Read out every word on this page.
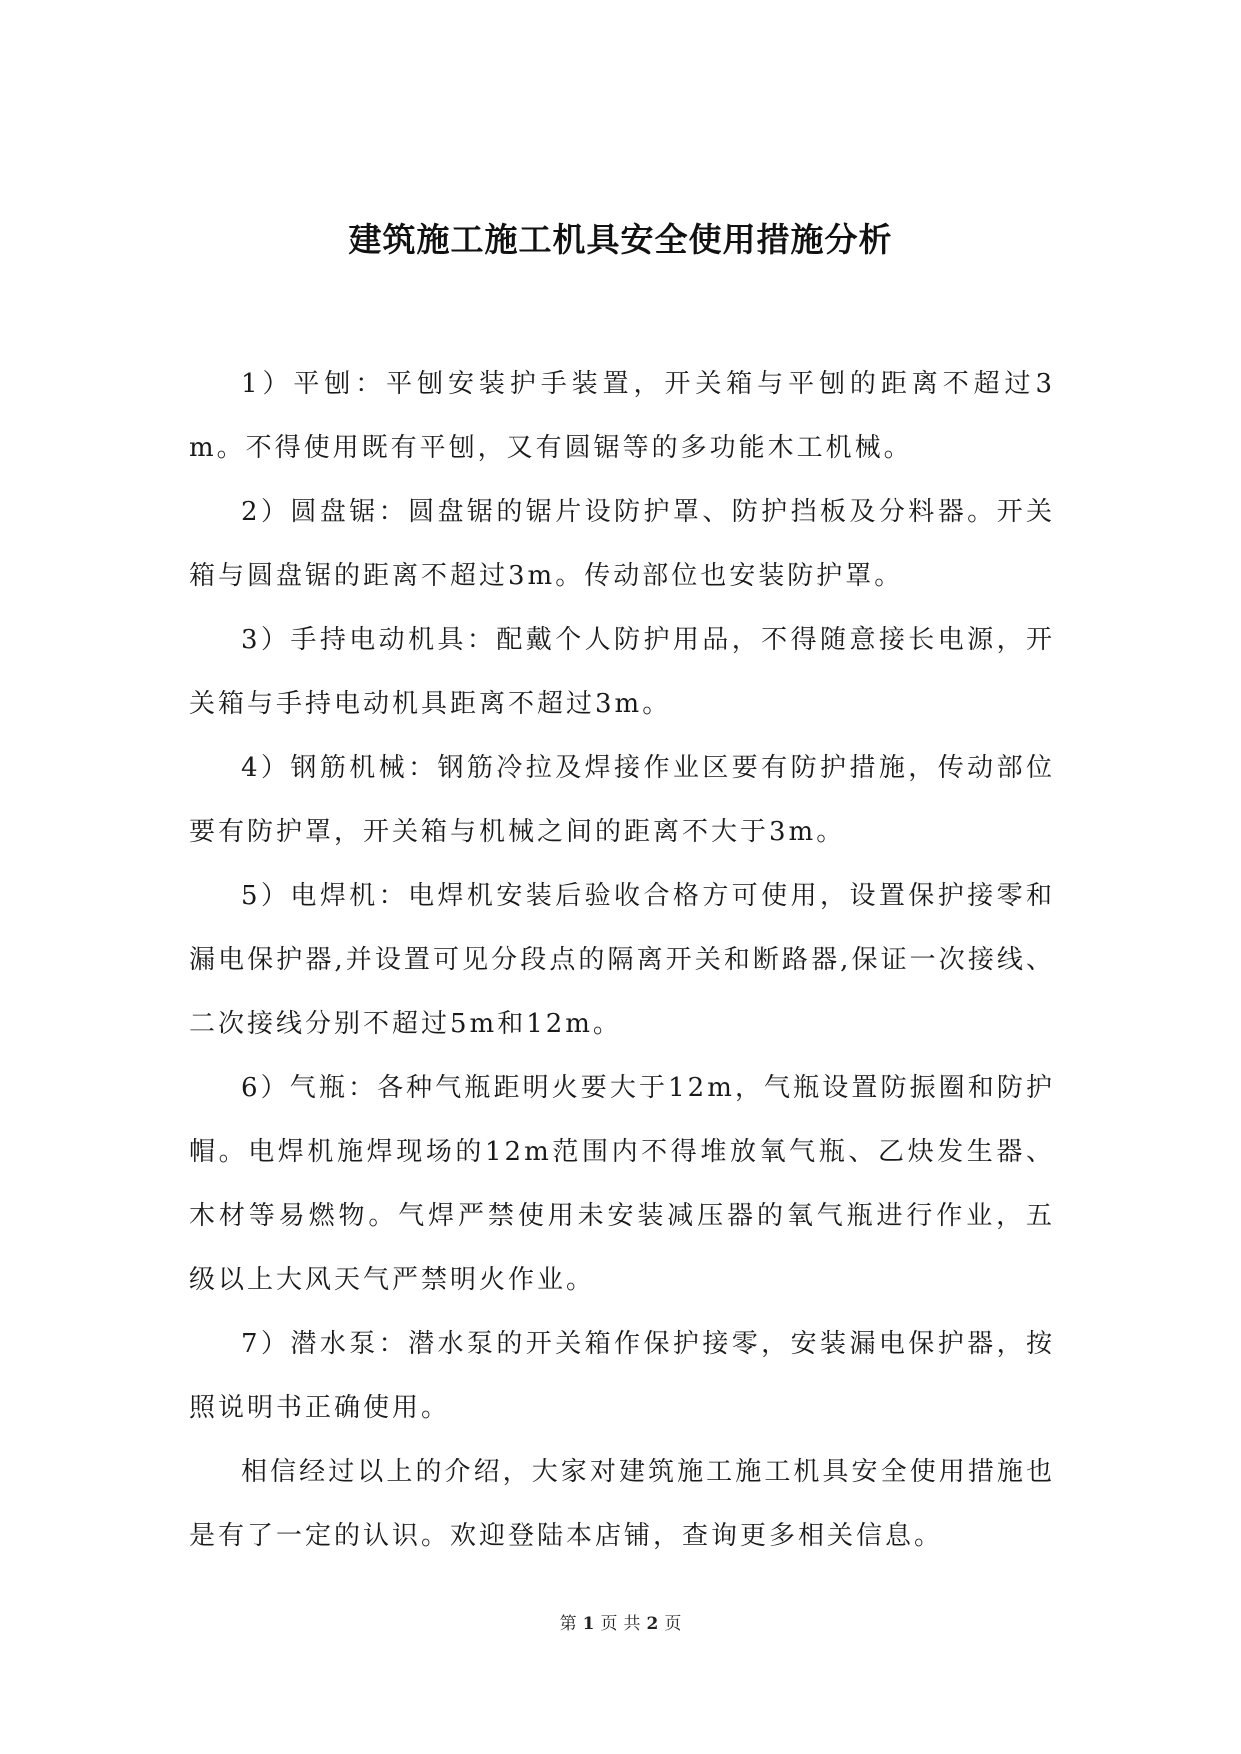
建筑施工施工机具安全使用措施分析

1）平刨：平刨安装护手装置，开关箱与平刨的距离不超过3m。不得使用既有平刨，又有圆锯等的多功能木工机械。

2）圆盘锯：圆盘锯的锯片设防护罩、防护挡板及分料器。开关箱与圆盘锯的距离不超过3m。传动部位也安装防护罩。

3）手持电动机具：配戴个人防护用品，不得随意接长电源，开关箱与手持电动机具距离不超过3m。

4）钢筋机械：钢筋冷拉及焊接作业区要有防护措施，传动部位要有防护罩，开关箱与机械之间的距离不大于3m。

5）电焊机：电焊机安装后验收合格方可使用，设置保护接零和漏电保护器,并设置可见分段点的隔离开关和断路器,保证一次接线、二次接线分别不超过5m和12m。

6）气瓶：各种气瓶距明火要大于12m，气瓶设置防振圈和防护帽。电焊机施焊现场的12m范围内不得堆放氧气瓶、乙炔发生器、木材等易燃物。气焊严禁使用未安装减压器的氧气瓶进行作业，五级以上大风天气严禁明火作业。

7）潜水泵：潜水泵的开关箱作保护接零，安装漏电保护器，按照说明书正确使用。

相信经过以上的介绍，大家对建筑施工施工机具安全使用措施也是有了一定的认识。欢迎登陆本店铺，查询更多相关信息。

第 1 页 共 2 页
